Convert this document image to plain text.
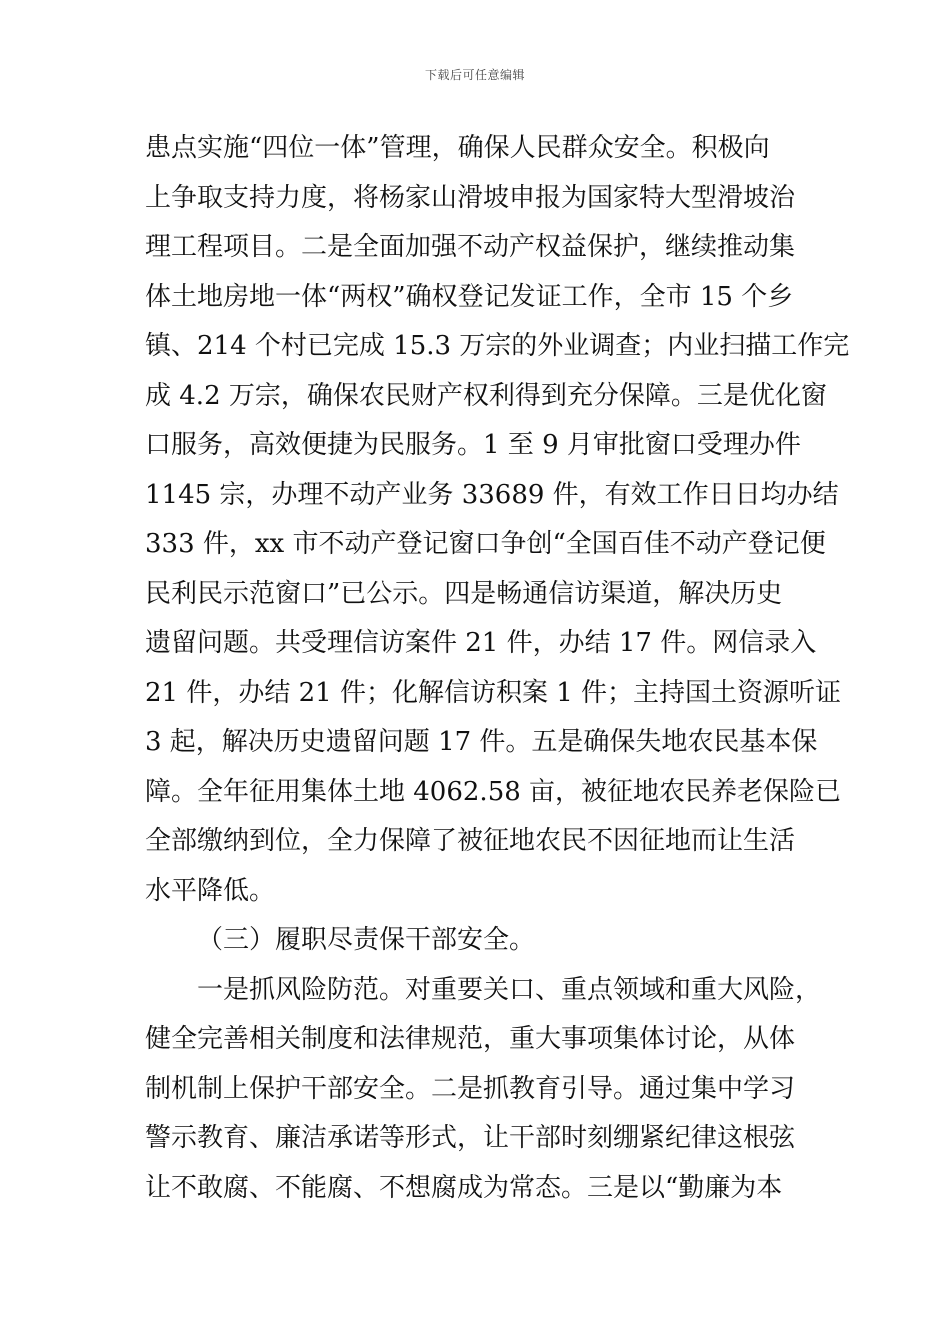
下载后可任意编辑
患点实施“四位一体”管理，确保人民群众安全。积极向
上争取支持力度，将杨家山滑坡申报为国家特大型滑坡治
理工程项目。二是全面加强不动产权益保护，继续推动集
体土地房地一体“两权”确权登记发证工作，全市 15 个乡
镇、214 个村已完成 15.3 万宗的外业调查；内业扫描工作完
成 4.2 万宗，确保农民财产权利得到充分保障。三是优化窗
口服务，高效便捷为民服务。1 至 9 月审批窗口受理办件
1145 宗，办理不动产业务 33689 件，有效工作日日均办结
333 件，xx 市不动产登记窗口争创“全国百佳不动产登记便
民利民示范窗口”已公示。四是畅通信访渠道，解决历史
遗留问题。共受理信访案件 21 件，办结 17 件。网信录入
21 件，办结 21 件；化解信访积案 1 件；主持国土资源听证
3 起，解决历史遗留问题 17 件。五是确保失地农民基本保
障。全年征用集体土地 4062.58 亩，被征地农民养老保险已
全部缴纳到位，全力保障了被征地农民不因征地而让生活
水平降低。
（三）履职尽责保干部安全。
一是抓风险防范。对重要关口、重点领域和重大风险，
健全完善相关制度和法律规范，重大事项集体讨论，从体
制机制上保护干部安全。二是抓教育引导。通过集中学习
警示教育、廉洁承诺等形式，让干部时刻绷紧纪律这根弦
让不敢腐、不能腐、不想腐成为常态。三是以“勤廉为本
